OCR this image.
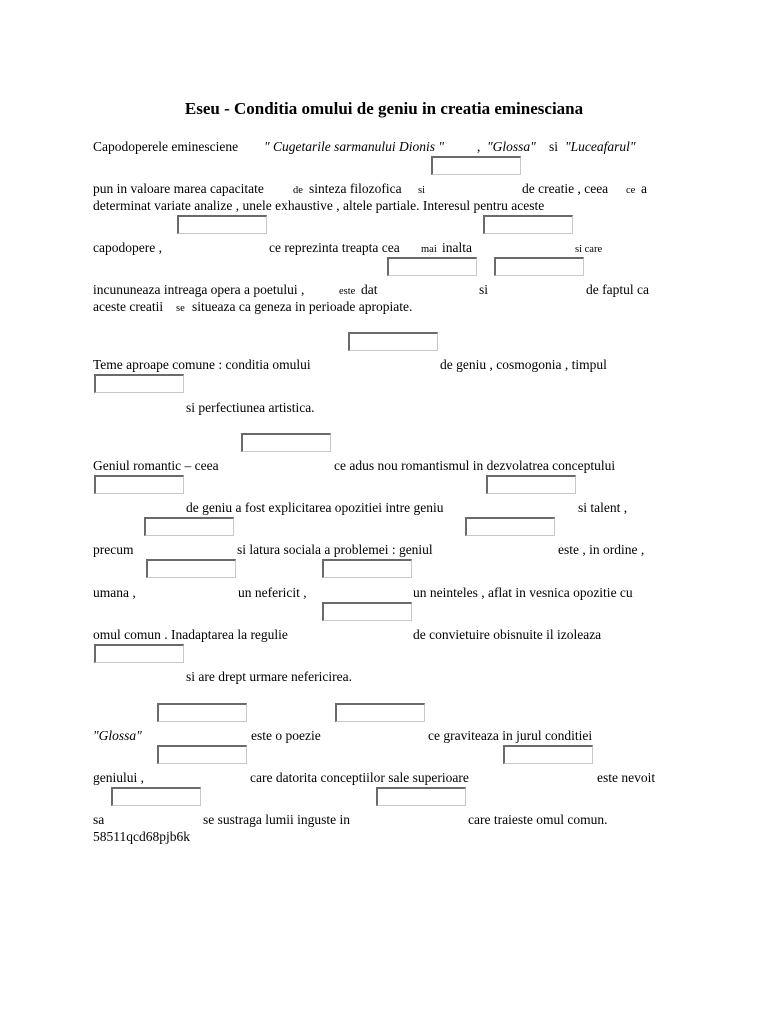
Eseu - Conditia omului de geniu in creatia eminesciana
Capodoperele eminesciene " Cugetarile sarmanului Dionis " , "Glossa" si "Luceafarul"
pun in valoare marea capacitate	de sinteza filozofica si	de creatie , ceea ce a
determinat variate analize , unele exhaustive , altele partiale. Interesul pentru aceste
capodopere ,	ce reprezinta treapta cea mai inalta	si care
incununeaza intreaga opera a poetului ,	este dat	si	de faptul ca
aceste creatii se situeaza ca geneza in perioade apropiate.
Teme aproape comune : conditia omului	de geniu , cosmogonia , timpul
si perfectiunea artistica.
Geniul romantic – ceea	ce adus nou romantismul in dezvolatrea conceptului
de geniu a fost explicitarea opozitiei intre geniu	si talent ,
precum	si latura sociala a problemei : geniul	este , in ordine ,
umana ,	un nefericit ,	un neinteles , aflat in vesnica opozitie cu
omul comun . Inadaptarea la regulie	de convietuire obisnuite il izoleaza
si are drept urmare nefericirea.
"Glossa"	este o poezie	ce graviteaza in jurul conditiei
geniului ,	care datorita conceptiilor sale superioare	este nevoit
sa	se sustraga lumii inguste in	care traieste omul comun.
58511qcd68pjb6k
